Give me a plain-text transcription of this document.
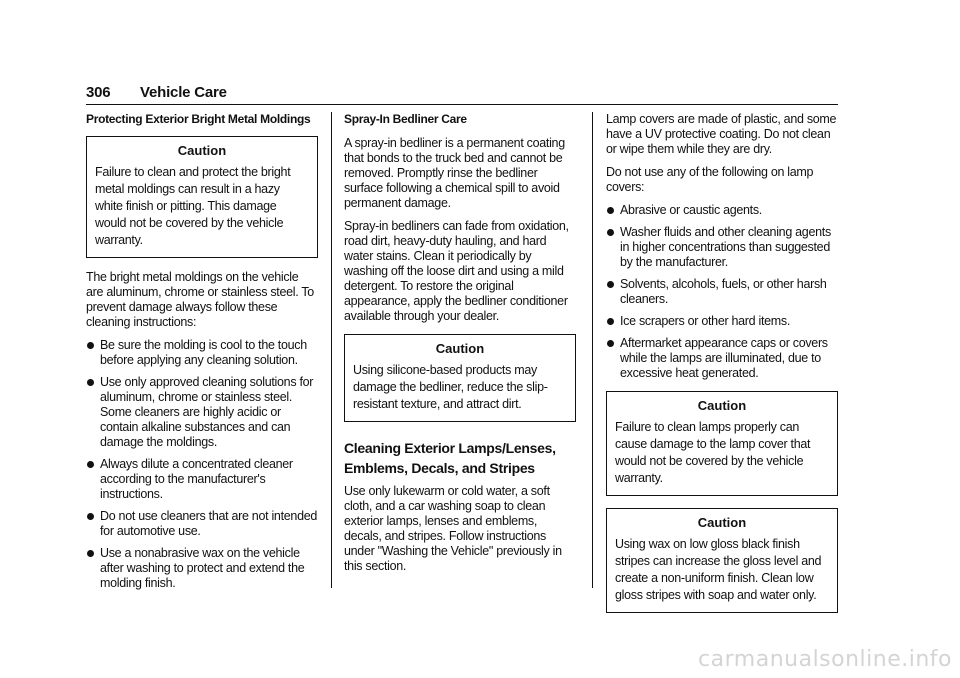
306 Vehicle Care
Protecting Exterior Bright Metal Moldings
Caution
Failure to clean and protect the bright metal moldings can result in a hazy white finish or pitting. This damage would not be covered by the vehicle warranty.

The bright metal moldings on the vehicle are aluminum, chrome or stainless steel. To prevent damage always follow these cleaning instructions:

Be sure the molding is cool to the touch before applying any cleaning solution.
Use only approved cleaning solutions for aluminum, chrome or stainless steel. Some cleaners are highly acidic or contain alkaline substances and can damage the moldings.
Always dilute a concentrated cleaner according to the manufacturer's instructions.
Do not use cleaners that are not intended for automotive use.
Use a nonabrasive wax on the vehicle after washing to protect and extend the molding finish.
Spray-In Bedliner Care

A spray-in bedliner is a permanent coating that bonds to the truck bed and cannot be removed. Promptly rinse the bedliner surface following a chemical spill to avoid permanent damage.

Spray-in bedliners can fade from oxidation, road dirt, heavy-duty hauling, and hard water stains. Clean it periodically by washing off the loose dirt and using a mild detergent. To restore the original appearance, apply the bedliner conditioner available through your dealer.

Caution
Using silicone-based products may damage the bedliner, reduce the slip-resistant texture, and attract dirt.
Cleaning Exterior Lamps/Lenses, Emblems, Decals, and Stripes

Use only lukewarm or cold water, a soft cloth, and a car washing soap to clean exterior lamps, lenses and emblems, decals, and stripes. Follow instructions under "Washing the Vehicle" previously in this section.

Lamp covers are made of plastic, and some have a UV protective coating. Do not clean or wipe them while they are dry.

Do not use any of the following on lamp covers:

Abrasive or caustic agents.
Washer fluids and other cleaning agents in higher concentrations than suggested by the manufacturer.
Solvents, alcohols, fuels, or other harsh cleaners.
Ice scrapers or other hard items.
Aftermarket appearance caps or covers while the lamps are illuminated, due to excessive heat generated.
Caution
Failure to clean lamps properly can cause damage to the lamp cover that would not be covered by the vehicle warranty.
Caution
Using wax on low gloss black finish stripes can increase the gloss level and create a non-uniform finish. Clean low gloss stripes with soap and water only.
carmanualsonline.info
